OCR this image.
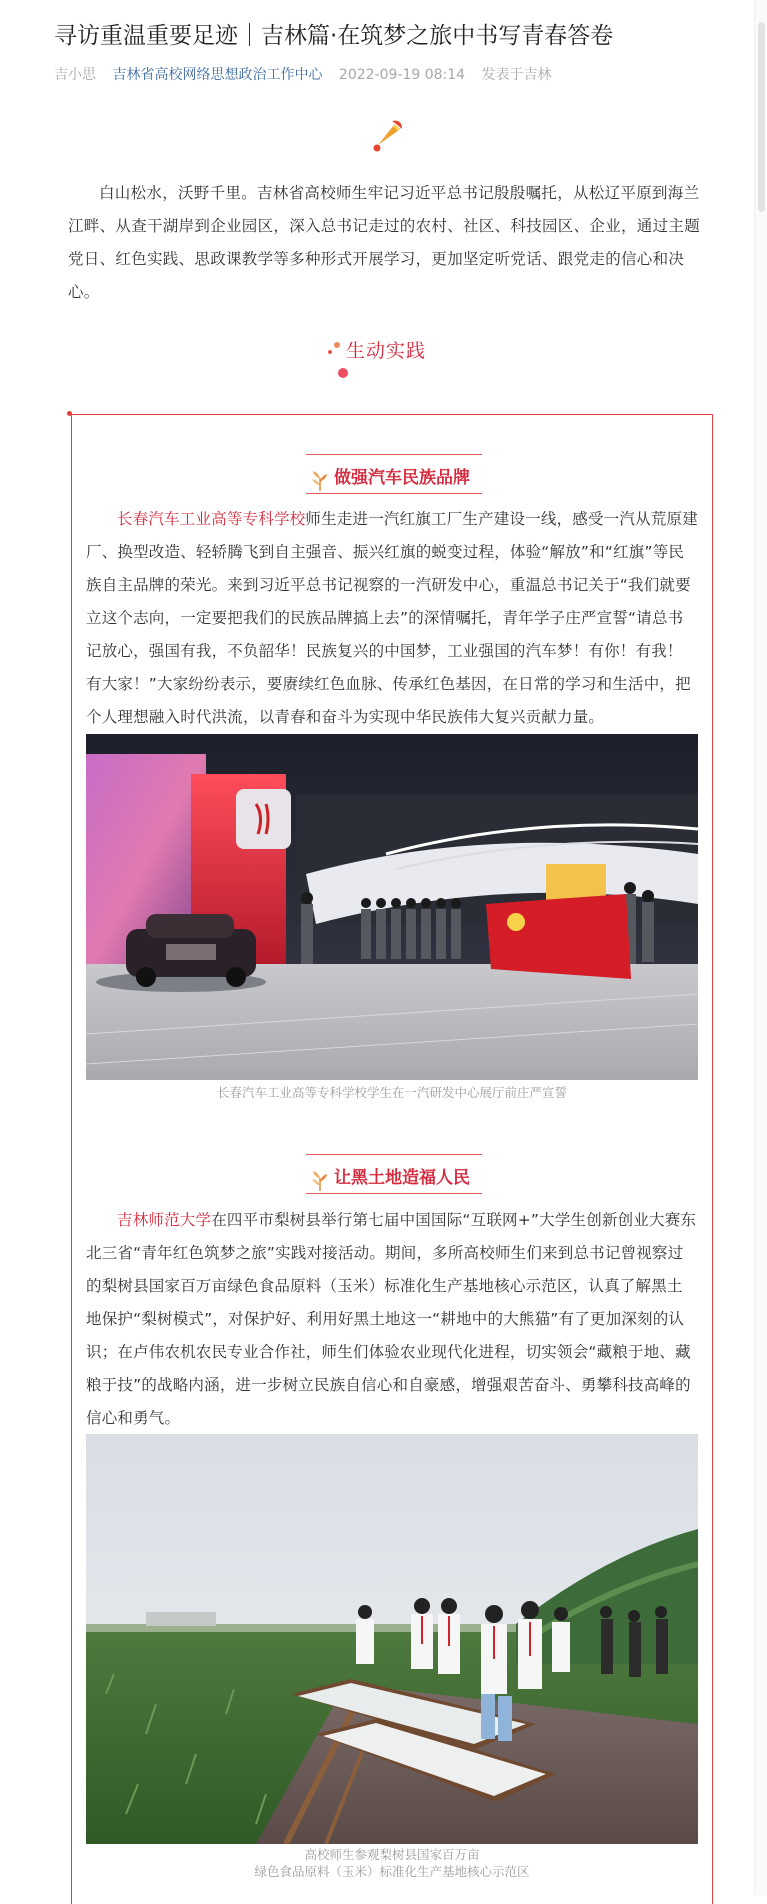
寻访重温重要足迹｜吉林篇·在筑梦之旅中书写青春答卷
吉小思 吉林省高校网络思想政治工作中心 2022-09-19 08:14 发表于吉林

白山松水，沃野千里。吉林省高校师生牢记习近平总书记殷殷嘱托，从松辽平原到海兰江畔、从查干湖岸到企业园区，深入总书记走过的农村、社区、科技园区、企业，通过主题党日、红色实践、思政课教学等多种形式开展学习，更加坚定听党话、跟党走的信心和决心。

生动实践
做强汽车民族品牌

长春汽车工业高等专科学校师生走进一汽红旗工厂生产建设一线，感受一汽从荒原建厂、换型改造、轻轿腾飞到自主强音、振兴红旗的蜕变过程，体验“解放”和“红旗”等民族自主品牌的荣光。来到习近平总书记视察的一汽研发中心，重温总书记关于“我们就要立这个志向，一定要把我们的民族品牌搞上去”的深情嘱托，青年学子庄严宣誓“请总书记放心，强国有我，不负韶华！民族复兴的中国梦，工业强国的汽车梦！有你！有我！有大家！”大家纷纷表示，要赓续红色血脉、传承红色基因，在日常的学习和生活中，把个人理想融入时代洪流，以青春和奋斗为实现中华民族伟大复兴贡献力量。

长春汽车工业高等专科学校学生在一汽研发中心展厅前庄严宣誓
让黑土地造福人民

吉林师范大学在四平市梨树县举行第七届中国国际“互联网+”大学生创新创业大赛东北三省“青年红色筑梦之旅”实践对接活动。期间，多所高校师生们来到总书记曾视察过的梨树县国家百万亩绿色食品原料（玉米）标准化生产基地核心示范区，认真了解黑土地保护“梨树模式”，对保护好、利用好黑土地这一“耕地中的大熊猫”有了更加深刻的认识；在卢伟农机农民专业合作社，师生们体验农业现代化进程，切实领会“藏粮于地、藏粮于技”的战略内涵，进一步树立民族自信心和自豪感，增强艰苦奋斗、勇攀科技高峰的信心和勇气。

高校师生参观梨树县国家百万亩
绿色食品原料（玉米）标准化生产基地核心示范区
